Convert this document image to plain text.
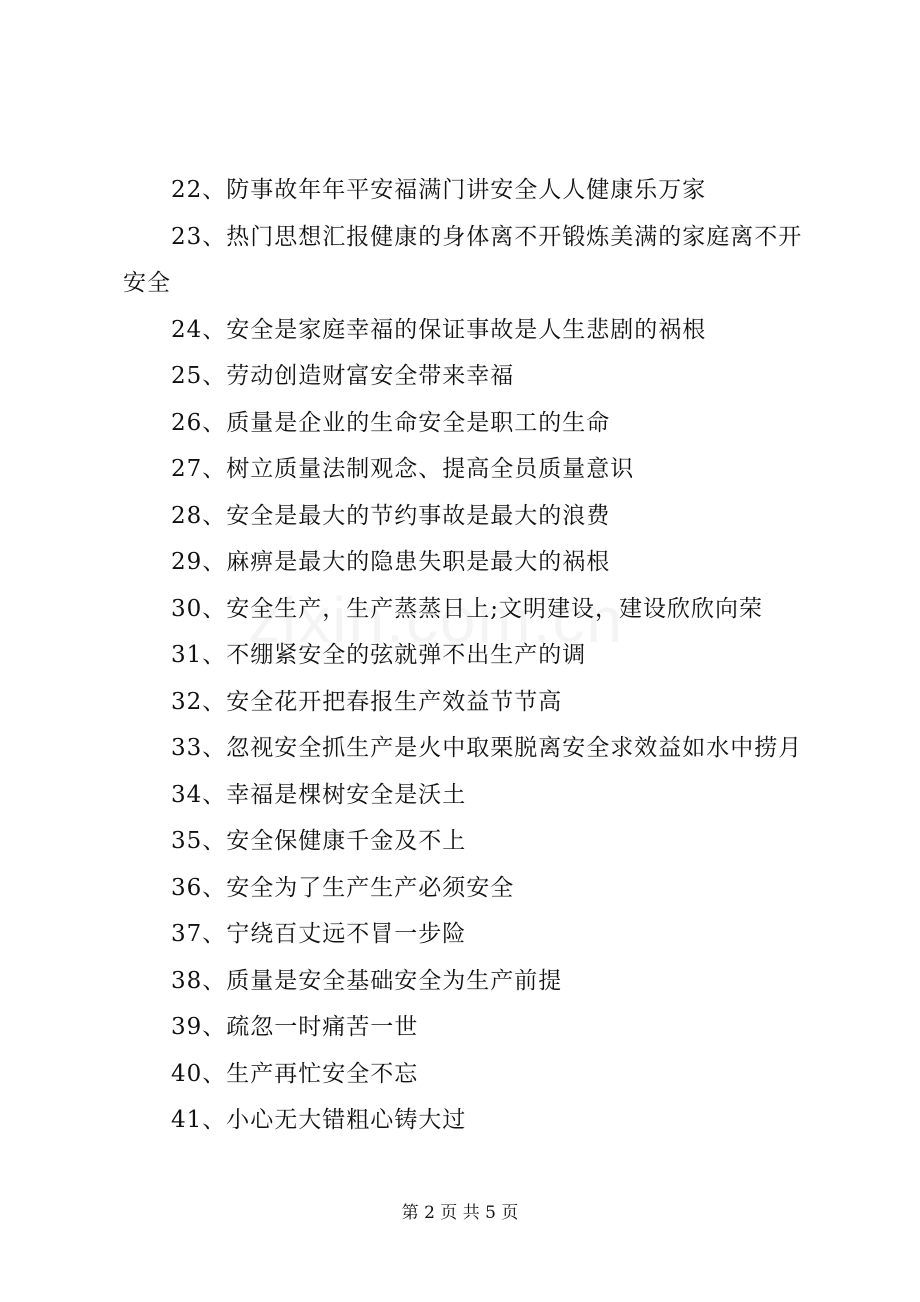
22、防事故年年平安福满门讲安全人人健康乐万家
23、热门思想汇报健康的身体离不开锻炼美满的家庭离不开
安全
24、安全是家庭幸福的保证事故是人生悲剧的祸根
25、劳动创造财富安全带来幸福
26、质量是企业的生命安全是职工的生命
27、树立质量法制观念、提高全员质量意识
28、安全是最大的节约事故是最大的浪费
29、麻痹是最大的隐患失职是最大的祸根
30、安全生产，生产蒸蒸日上;文明建设，建设欣欣向荣
31、不绷紧安全的弦就弹不出生产的调
32、安全花开把春报生产效益节节高
33、忽视安全抓生产是火中取栗脱离安全求效益如水中捞月
34、幸福是棵树安全是沃土
35、安全保健康千金及不上
36、安全为了生产生产必须安全
37、宁绕百丈远不冒一步险
38、质量是安全基础安全为生产前提
39、疏忽一时痛苦一世
40、生产再忙安全不忘
41、小心无大错粗心铸大过
第 2 页 共 5 页
